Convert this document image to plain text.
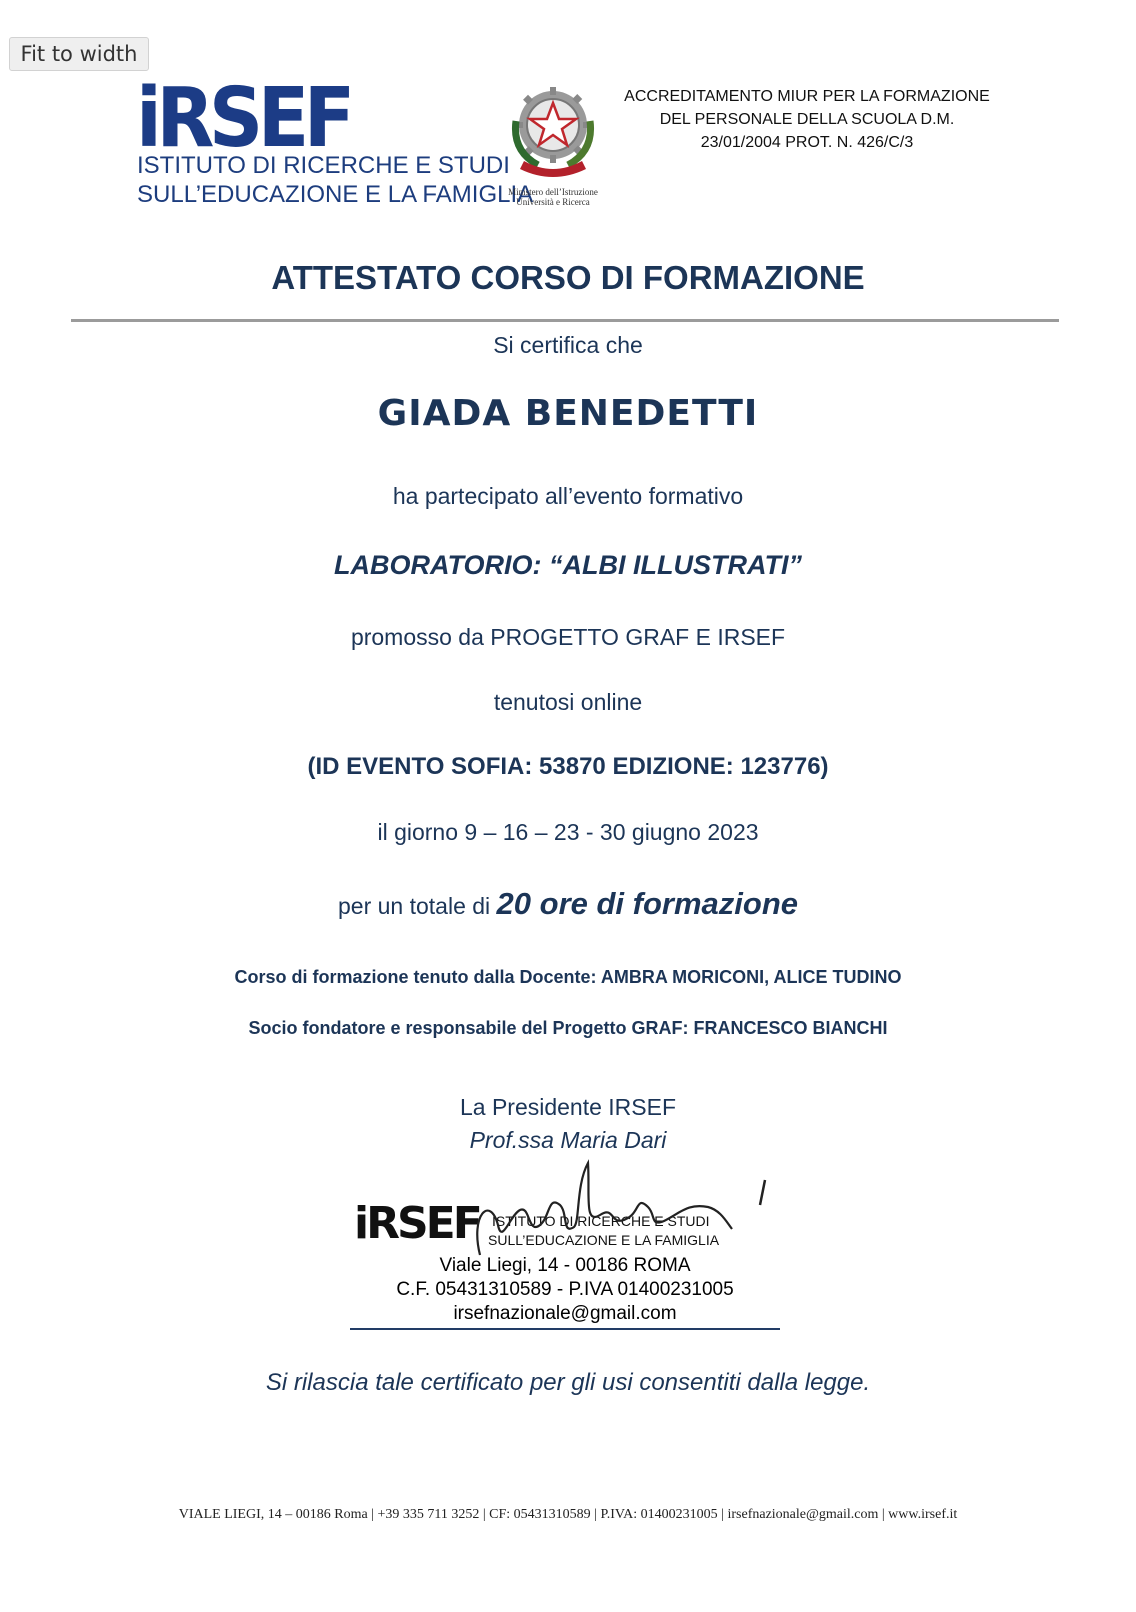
Fit to width
iRSEF
ISTITUTO DI RICERCHE E STUDI
SULL’EDUCAZIONE E LA FAMIGLIA
Ministero dell’Istruzione
Università e Ricerca
ACCREDITAMENTO MIUR PER LA FORMAZIONE
DEL PERSONALE DELLA SCUOLA D.M.
23/01/2004 PROT. N. 426/C/3
ATTESTATO CORSO DI FORMAZIONE
Si certifica che
GIADA BENEDETTI
ha partecipato all’evento formativo
LABORATORIO: “ALBI ILLUSTRATI”
promosso da PROGETTO GRAF E IRSEF
tenutosi online
(ID EVENTO SOFIA: 53870 EDIZIONE: 123776)
il giorno 9 – 16 – 23 - 30 giugno 2023
per un totale di 20 ore di formazione
Corso di formazione tenuto dalla Docente: AMBRA MORICONI, ALICE TUDINO
Socio fondatore e responsabile del Progetto GRAF: FRANCESCO BIANCHI
La Presidente IRSEF
Prof.ssa Maria Dari
iRSEF ISTITUTO DI RICERCHE E STUDI
SULL’EDUCAZIONE E LA FAMIGLIA
Viale Liegi, 14 - 00186 ROMA
C.F. 05431310589 - P.IVA 01400231005
irsefnazionale@gmail.com
Si rilascia tale certificato per gli usi consentiti dalla legge.
VIALE LIEGI, 14 – 00186 Roma | +39 335 711 3252 | CF: 05431310589 | P.IVA: 01400231005 | irsefnazionale@gmail.com | www.irsef.it
